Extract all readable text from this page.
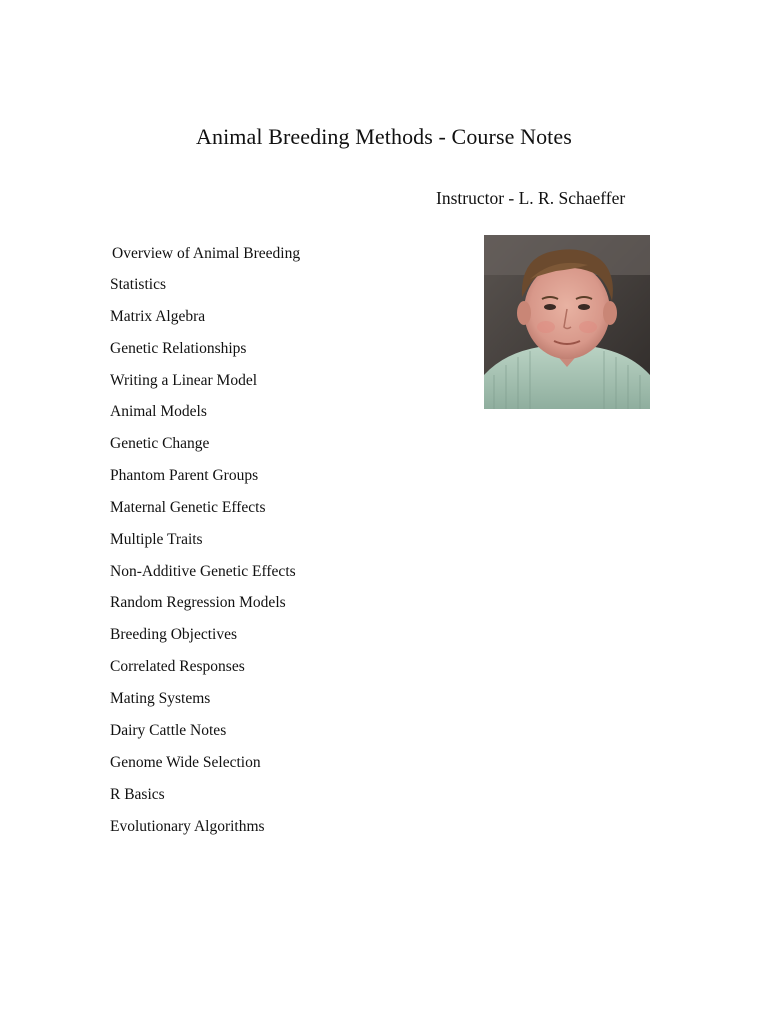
Animal Breeding Methods - Course Notes
Instructor - L. R. Schaeffer
Overview of Animal Breeding
Statistics
Matrix Algebra
Genetic Relationships
Writing a Linear Model
Animal Models
Genetic Change
Phantom Parent Groups
Maternal Genetic Effects
Multiple Traits
Non-Additive Genetic Effects
Random Regression Models
Breeding Objectives
Correlated Responses
Mating Systems
Dairy Cattle Notes
Genome Wide Selection
R Basics
Evolutionary Algorithms
